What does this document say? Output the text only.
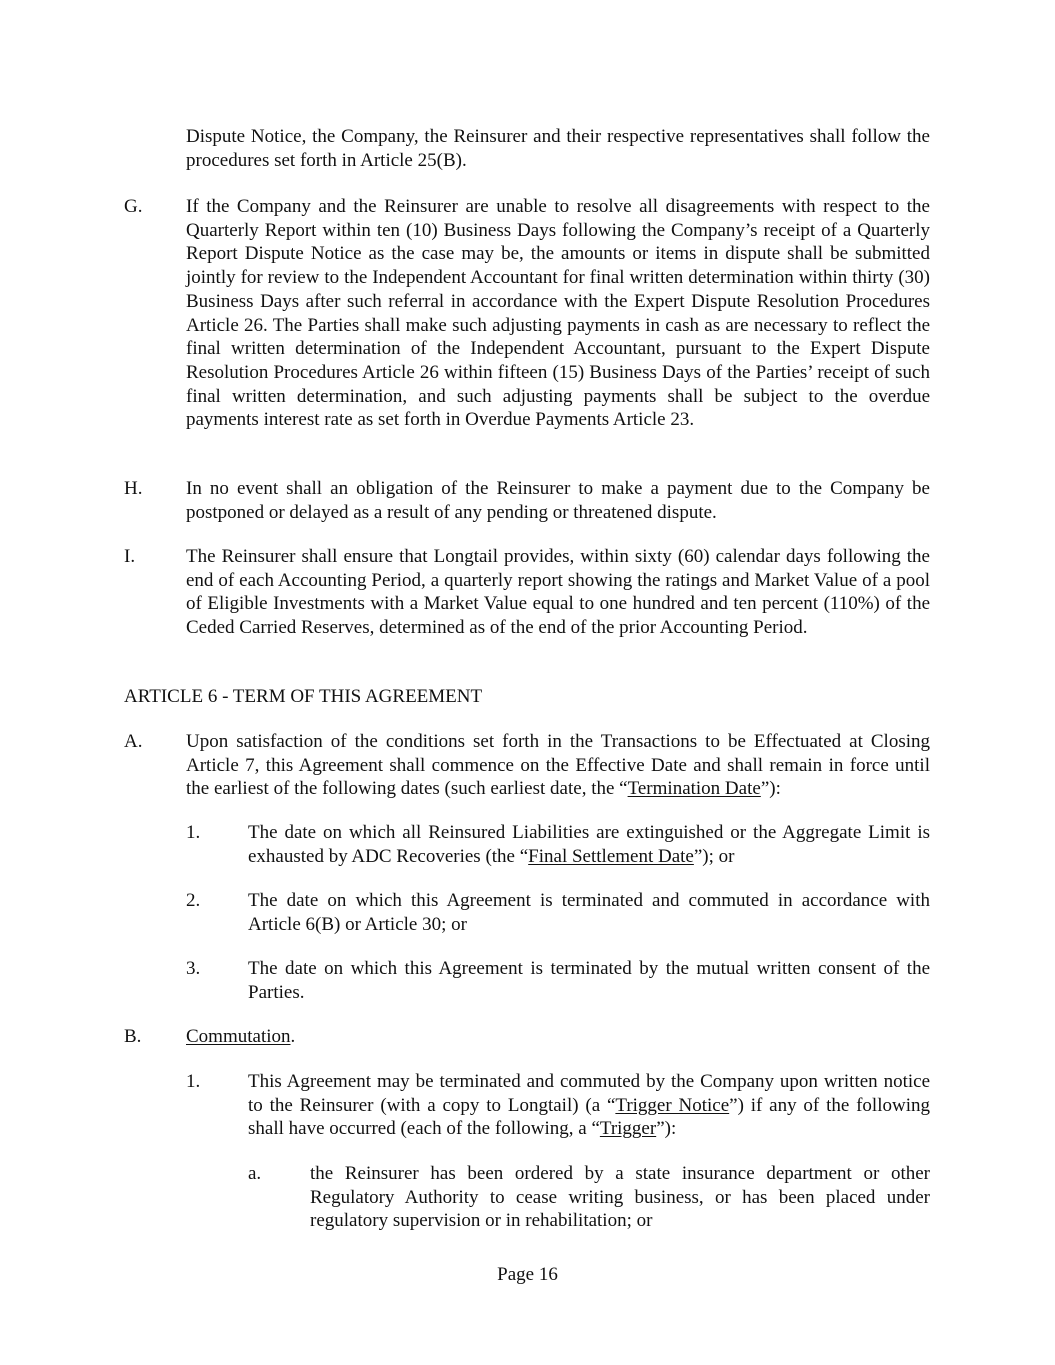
Dispute Notice, the Company, the Reinsurer and their respective representatives shall follow the procedures set forth in Article 25(B).
G. If the Company and the Reinsurer are unable to resolve all disagreements with respect to the Quarterly Report within ten (10) Business Days following the Company’s receipt of a Quarterly Report Dispute Notice as the case may be, the amounts or items in dispute shall be submitted jointly for review to the Independent Accountant for final written determination within thirty (30) Business Days after such referral in accordance with the Expert Dispute Resolution Procedures Article 26. The Parties shall make such adjusting payments in cash as are necessary to reflect the final written determination of the Independent Accountant, pursuant to the Expert Dispute Resolution Procedures Article 26 within fifteen (15) Business Days of the Parties’ receipt of such final written determination, and such adjusting payments shall be subject to the overdue payments interest rate as set forth in Overdue Payments Article 23.
H. In no event shall an obligation of the Reinsurer to make a payment due to the Company be postponed or delayed as a result of any pending or threatened dispute.
I.	The Reinsurer shall ensure that Longtail provides, within sixty (60) calendar days following the end of each Accounting Period, a quarterly report showing the ratings and Market Value of a pool of Eligible Investments with a Market Value equal to one hundred and ten percent (110%) of the Ceded Carried Reserves, determined as of the end of the prior Accounting Period.
ARTICLE 6 - TERM OF THIS AGREEMENT
A. Upon satisfaction of the conditions set forth in the Transactions to be Effectuated at Closing Article 7, this Agreement shall commence on the Effective Date and shall remain in force until the earliest of the following dates (such earliest date, the “Termination Date”):
1.	The date on which all Reinsured Liabilities are extinguished or the Aggregate Limit is exhausted by ADC Recoveries (the “Final Settlement Date”); or
2.	The date on which this Agreement is terminated and commuted in accordance with Article 6(B) or Article 30; or
3.	The date on which this Agreement is terminated by the mutual written consent of the Parties.
B. Commutation.
1.	This Agreement may be terminated and commuted by the Company upon written notice to the Reinsurer (with a copy to Longtail) (a “Trigger Notice”) if any of the following shall have occurred (each of the following, a “Trigger”):
a.	the Reinsurer has been ordered by a state insurance department or other Regulatory Authority to cease writing business, or has been placed under regulatory supervision or in rehabilitation; or
Page 16
